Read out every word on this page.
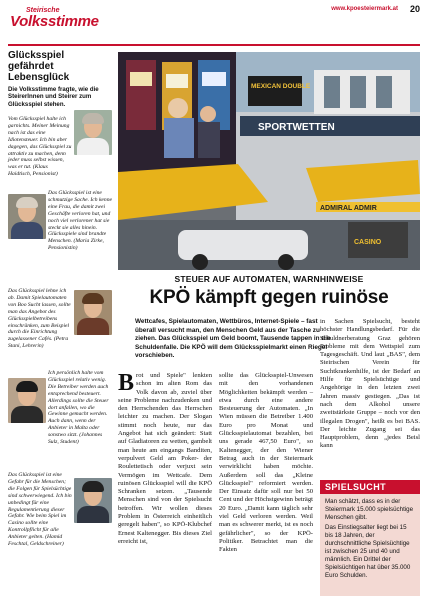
Steirische
Volksstimme
www.kpoesteiermark.at 20
Glücksspiel gefährdet Lebensglück
Die Volksstimme fragte, wie die SteirerInnen und Steirer zum Glücksspiel stehen.
Vom Glücksspiel halte ich garnichts. Meiner Meinung nach ist das eine Idiotensteuer. Ich bin aber dagegen, das Glücksspiel zu attraktiv zu machen, denn jeder muss selbst wissen, was er tut. (Klaus Haidtisch, Pensionist)
Das Glücksspiel ist eine schmutzige Sache. Ich kenne eine Frau, die damit zwei Geschäfte verloren hat, und noch viel verlorener hat sie steckt sie alles hinein. Glücksspiele sind brandte Menschen. (Maria Zirke, Pensionistin)
Das Glücksspiel lehne ich ab. Damit Spielautomaten von Boo Sucht lassen, sollte man das Angebot des Glücksspielbetreibens einschränken, zum Beispiel durch die Einrichtung zugelassener Cafés. (Petra Stani, Lehrerin)
Ich persönlich halte vom Glücksspiel relativ wenig. Die Betreiber werden auch entsprechend besteuert. Allerdings sollte die Steuer dort anfallen, wo die Gewinne gemacht werden. Auch dann, wenn der Anbieter in Malta oder sonstwo sitzt. (Johannes Sulz, Student)
Das Glücksspiel ist eine Gefahr für die Menschen; die Folgen für Spielsüchtige sind schwerwiegend. Ich bin unbedingt für eine Regulamentierung dieser Gefahr. Wie beim Spiel im Casino sollte eine Kontrollpflicht für alle Anbieter gelten. (Hamid Feschtal, Geldschreiner)
MEXICAN DOUBLE
SPORTWETTEN
ADMIRAL ADMIR
CASINO
STEUER AUF AUTOMATEN, WARNHINWEISE
KPÖ kämpft gegen ruinöse
Wettcafes, Spielautomaten, Wettbüros, Internet-Spiele – fast überall versucht man, den Menschen Geld aus der Tasche zu ziehen. Das Glücksspiel um Geld boomt, Tausende tappen in die Schuldenfalle. Die KPÖ will dem Glücksspielmarkt einen Riegel vorschieben.
B rot und Spiele" lenkten schon im alten Rom das Volk davon ab, zuviel über seine Probleme nachzudenken und den Herrschenden das Herrschen leichter zu machen. Der Slogan stimmt noch heute, nur das Angebot hat sich geändert: Statt auf Gladiatoren zu wetten, gambelt man heute am eingangs Banditen, verpulvert Geld am Poker- der Roulettetisch oder verjuxt sein Vermögen im Wettcafe. Dem ruinösen Glücksspiel will die KPÖ Schranken setzen. „Tausende Menschen sind von der Spielsucht betroffen. Wir wollen dieses Problem in Österreich einheitlich geregelt haben", so KPÖ-Klubchef Ernest Kaltenegger. Bis dieses Ziel erreicht ist,
sollte das Glücksspiel-Unwesen mit den vorhandenen Möglichkeiten bekämpft werden – etwa durch eine andere Besteuerung der Automaten. „In Wien müssen die Betreiber 1.400 Euro pro Monat und Glücksspielautomat bezahlen, bei uns gerade 467,50 Euro", so Kaltenegger, der den Wiener Betrag auch in der Steiermark verwirklicht haben möchte. Außerdem soll das „Kleine Glücksspiel" reformiert werden. Der Einsatz dafür soll nur bei 50 Cent und der Höchstgewinn beträgt 20 Euro. „Damit kann täglich sehr viel Geld verloren werden. Weil man es schwerer merkt, ist es noch gefährlicher", so der KPÖ-Politiker. Betrachtet man die Fakten
in Sachen Spielsucht, besteht höchster Handlungsbedarf. Für die Schuldnerberatung Graz gehören Probleme mit dem Wettspiel zum Tagesgeschäft. Und laut „BAS", dem Steirischen Verein für Suchtkrankenhilfe, ist der Bedarf an Hilfe für Spielsüchtige und Angehörige in den letzten zwei Jahren massiv gestiegen. „Das ist nach dem Alkohol unsere zweitstärkste Gruppe – noch vor den illegalen Drogen", heißt es bei BAS. Der leichte Zugang sei das Hauptproblem, denn „jedes Beisl kann
SPIELSUCHT

Man schätzt, dass es in der Steiermark 15.000 spielsüchtige Menschen gibt.

Das Einstiegsalter liegt bei 15 bis 18 Jahren, der durchschnittliche Spielsüchtige ist zwischen 25 und 40 und männlich. Ein Drittel der Spielsüchtigen hat über 35.000 Euro Schulden.
